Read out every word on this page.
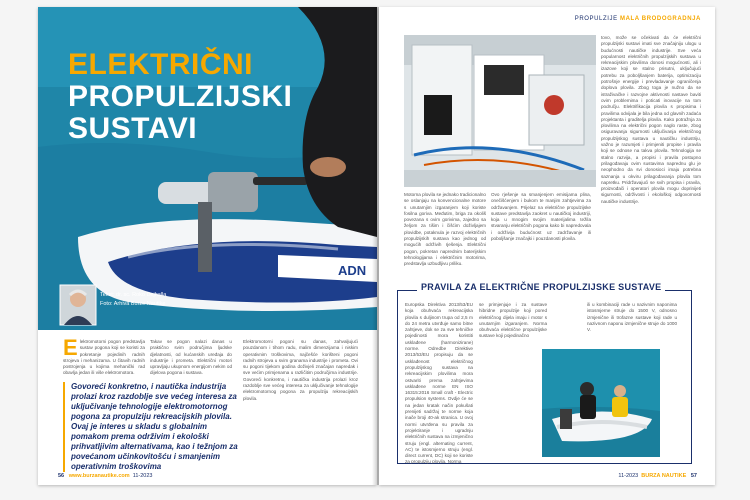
ADN
ELEKTRIČNI
PROPULZIJSKI
SUSTAVI
Tekst: dr. sc. Roko Dejhalla
Foto: Arhiva Burze Nautike
Elektromotorni pogon predstavlja sustav pogona koji se koristi za pokretanje pojedinih radnih strojeva i mehanizama. U čitavih radnih postrojenja u kojima mehanički rad obavlja jedan ili više elektromotora.
Takav se pogon nalazi danas u praktično svim područjima ljudske djelatnosti, od kućanskih uređaja do industrije i prometa. Električni motori upravljaju ukupnom energijom nekim od dijelova pogona i sustava.
Elektromotorni pogoni su danas, zahvaljujući pouzdanom i tihom radu, malim dimenzijama i niskim operativnim troškovima, najčešće korišteni pogoni radnih strojeva u svim granama industrije i prometa. Ovi su pogoni tijekom godina doživjeli značajan napredak i sve većim primjenama u različitim područjima industrije. Govoreći konkretno, i nautička industrija prolazi kroz razdoblje sve većeg interesa za uključivanje tehnologije elektromotornog pogona za propulziju rekreacijskih plovila.
Govoreći konkretno, i nautička industrija prolazi kroz razdoblje sve većeg interesa za uključivanje tehnologije elektromotornog pogona za propulziju rekreacijskih plovila. Ovaj je interes u skladu s globalnim pomakom prema održivim i ekološki prihvatljivim alternativama, kao i težnjom za povećanom učinkovitošću i smanjenim operativnim troškovima
56 www.burzanautike.com 11-2023
PROPULZIJE MALA BRODOGRADNJA
Motorna plovila se jednako tradicionalno se oslanjaju na konvencionalne motore s unutarnjim izgaranjem koji koriste fosilna goriva. Međutim, briga za okoliš povezana s ovim gorivima, zajedno sa željom za tišim i čišćim doživljajem plovidbe, potaknula je razvoj električnih propulzijskih sustava kao jednog od mogućih održivih rješenja. Električni pogon, pokretan naprednim baterijskim tehnologijama i električnim motorima, predstavlja uzbudljivu priliku.
Ovo rješenje sa smanjenjem emisijama plina, onečišćenjem i bukom te manjim zahtjevima za održavanjem. Prijelaz na električne propulzijske sustave predstavlja zaokret u nautičkoj industriji, koja u mnogim svojim materijalima težila stvaranju električnih pogona kako bi napredovala i održivija budućnost uz zadržavanje ili poboljšanje značajki i pouzdanosti plovila.
tovo, može se očekivati da će električni propulzijski sustavi imati sve značajniju ulogu u budućnosti nautičke industrije. Sve veća popularnost električnih propulzijskih sustava u rekreacijskim plovilima donosi mogućnosti, ali i izazove koji se stalno prisutni, uključujući potrebu za poboljšanjem baterija, optimizaciju potrošnje energije i prevladavanje ograničenja doplova plovila. Zbog toga je nužno da se istraživačke i razvojne aktivnosti nastave baviti ovim problemima i poticati inovacije na tom području. Elektrifikacija plovila s propisima i pravilima odvijala je bila jedna od glavnih zadaća projektanta i graditelja plovila. Kako potražnja za plovilima na električni pogon naglo raste, zbog osiguravanja sigurnosti uključivanja električnog propulzijskog sustava u nautičku industriju, važno je razumjeti i primjeniti propise i pravila koji se odnose na takva plovila. Tehnologija se stalno razvija, a propisi i pravila postupno prilagođavaju ovim sustavima naprednu glu je neophodno da svi donosioci imaju potrebna saznanja u okviru prilagođavanja plovila tom napretku. Pridržavajući se svih propisa i pravila, proizvođači i operatori plovila mogu doprinijeti sigurnosti, održivosti i ekološkoj odgovornosti nautičke industrije.
PRAVILA ZA ELEKTRIČNE PROPULZIJSKE SUSTAVE
Europska Direktiva 2013/53/EU koja obuhvaća rekreacijska plovila s duljinom trupa od 2,5 m do 24 metra utvrđuje samo bitne zahtjeve, dok se za sve tehničke pojedinosti mora koristiti usklađene (harmonizirane) norme. Odredbe Direktive 2013/53/EU propisuju da se usklađenost električnog propulzijskog sustava na rekreacijskim plovilima mora ostvariti prema zahtjevima usklađene norme EN ISO 16315:2016 Small craft - Electric propulsion systems. Ovdje će se na jedan kratak način pokušati prenijeti sadržaj te norme koja inače broji 40-ak stranica. U ovoj normi utvrđena su pravila za projektiranje i ugradnju električnih sustava na izmjenično struju (engl. alternating current, AC) te istosmjerno struju (engl. direct current, DC) koji se koriste za propulziju plovila. Norma
se primjenjuje i za sustave hibridne propulzije koji pored električnog dijela imaju i motor s unutarnjim izgaranjem. Norma obuhvaća električne propulzijske sustave koji pojedinačno
ili u kombinaciji rade u nazivnim naponima istosmjerne struje do 1500 V, odnosno izmjenične ili trofazne sustave koji rade u nazivnom naponu izmjenične struje do 1000 V.
11-2023 BURZA NAUTIKE 57
